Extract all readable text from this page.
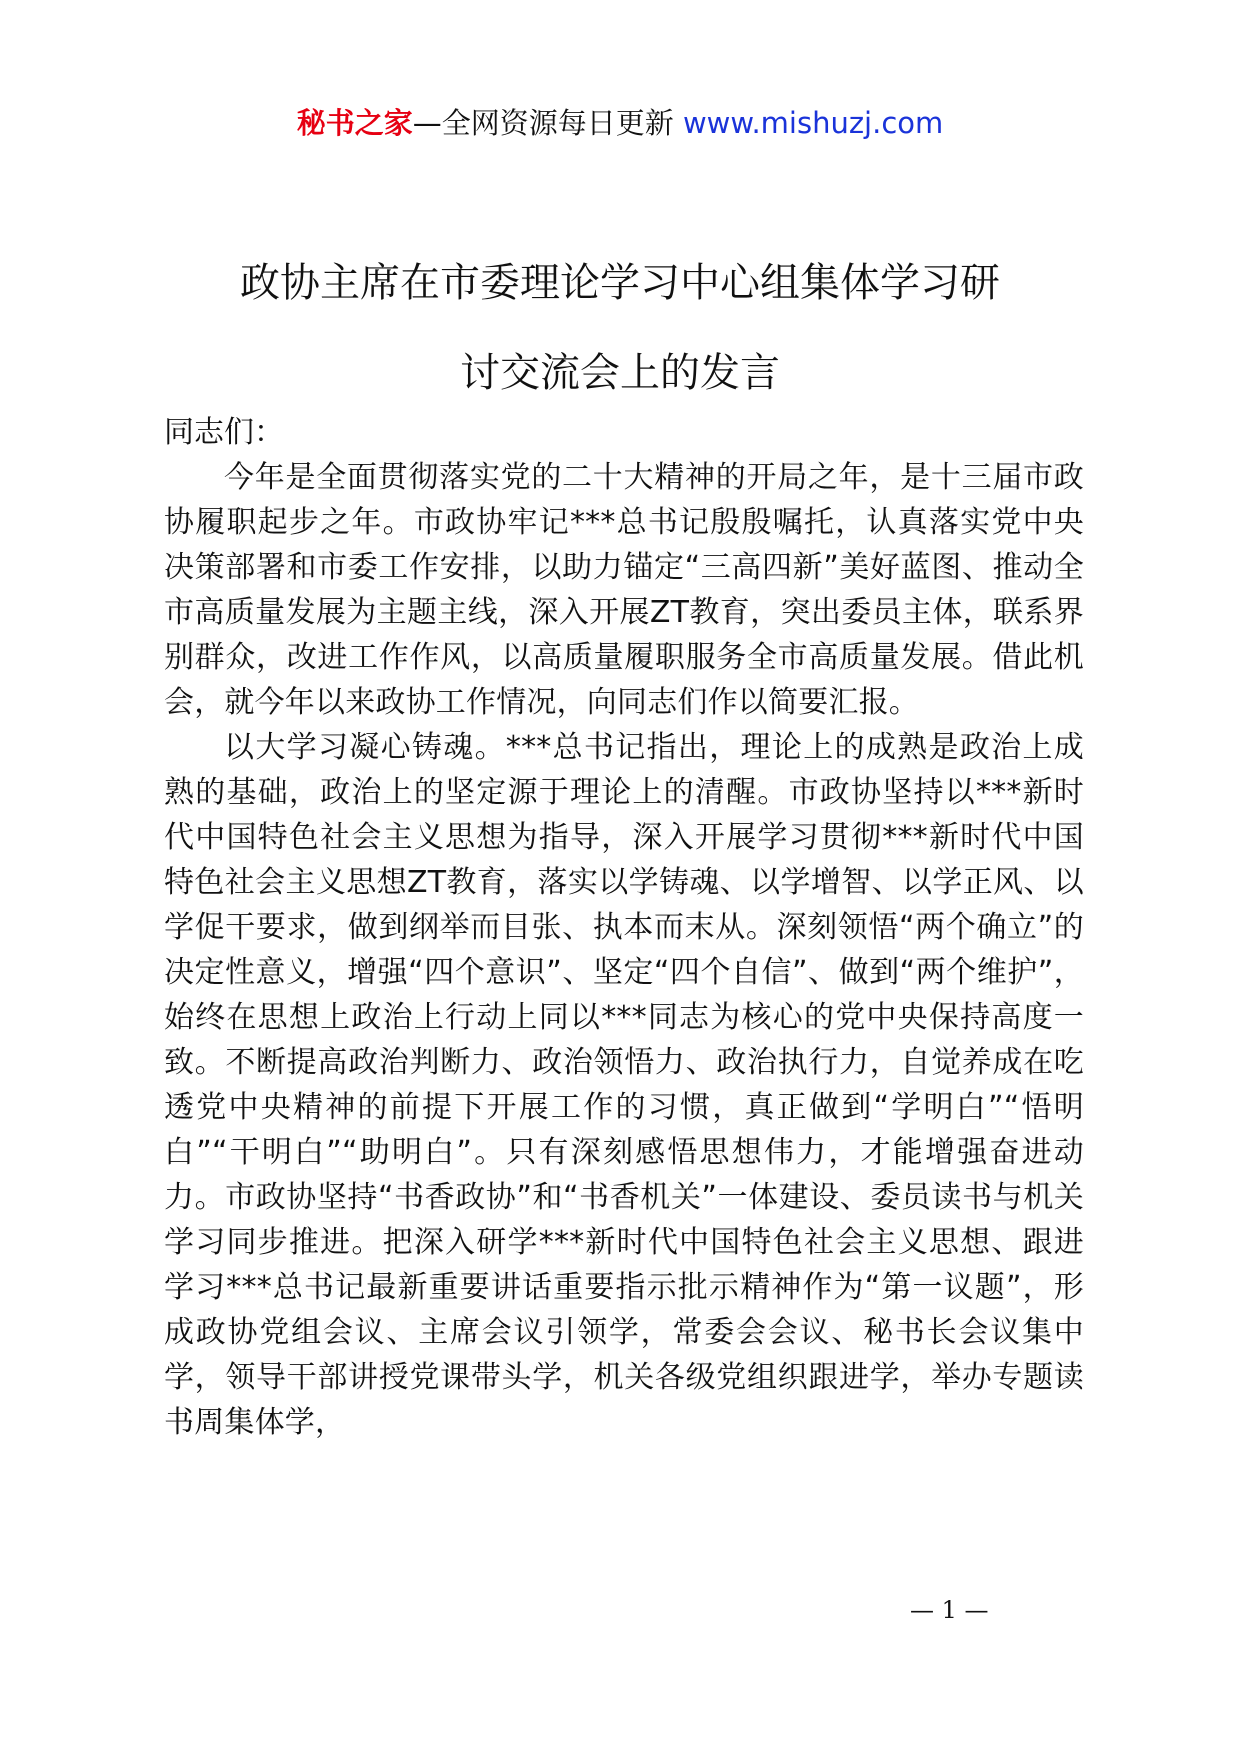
秘书之家—全网资源每日更新 www.mishuzj.com
政协主席在市委理论学习中心组集体学习研
讨交流会上的发言

同志们：

今年是全面贯彻落实党的二十大精神的开局之年，是十三届市政协履职起步之年。市政协牢记***总书记殷殷嘱托，认真落实党中央决策部署和市委工作安排，以助力锚定“三高四新”美好蓝图、推动全市高质量发展为主题主线，深入开展ZT教育，突出委员主体，联系界别群众，改进工作作风，以高质量履职服务全市高质量发展。借此机会，就今年以来政协工作情况，向同志们作以简要汇报。

以大学习凝心铸魂。***总书记指出，理论上的成熟是政治上成熟的基础，政治上的坚定源于理论上的清醒。市政协坚持以***新时代中国特色社会主义思想为指导，深入开展学习贯彻***新时代中国特色社会主义思想ZT教育，落实以学铸魂、以学增智、以学正风、以学促干要求，做到纲举而目张、执本而末从。深刻领悟“两个确立”的决定性意义，增强“四个意识”、坚定“四个自信”、做到“两个维护”，始终在思想上政治上行动上同以***同志为核心的党中央保持高度一致。不断提高政治判断力、政治领悟力、政治执行力，自觉养成在吃透党中央精神的前提下开展工作的习惯，真正做到“学明白”“悟明白”“干明白”“助明白”。只有深刻感悟思想伟力，才能增强奋进动力。市政协坚持“书香政协”和“书香机关”一体建设、委员读书与机关学习同步推进。把深入研学***新时代中国特色社会主义思想、跟进学习***总书记最新重要讲话重要指示批示精神作为“第一议题”，形成政协党组会议、主席会议引领学，常委会会议、秘书长会议集中学，领导干部讲授党课带头学，机关各级党组织跟进学，举办专题读书周集体学，

— 1 —
